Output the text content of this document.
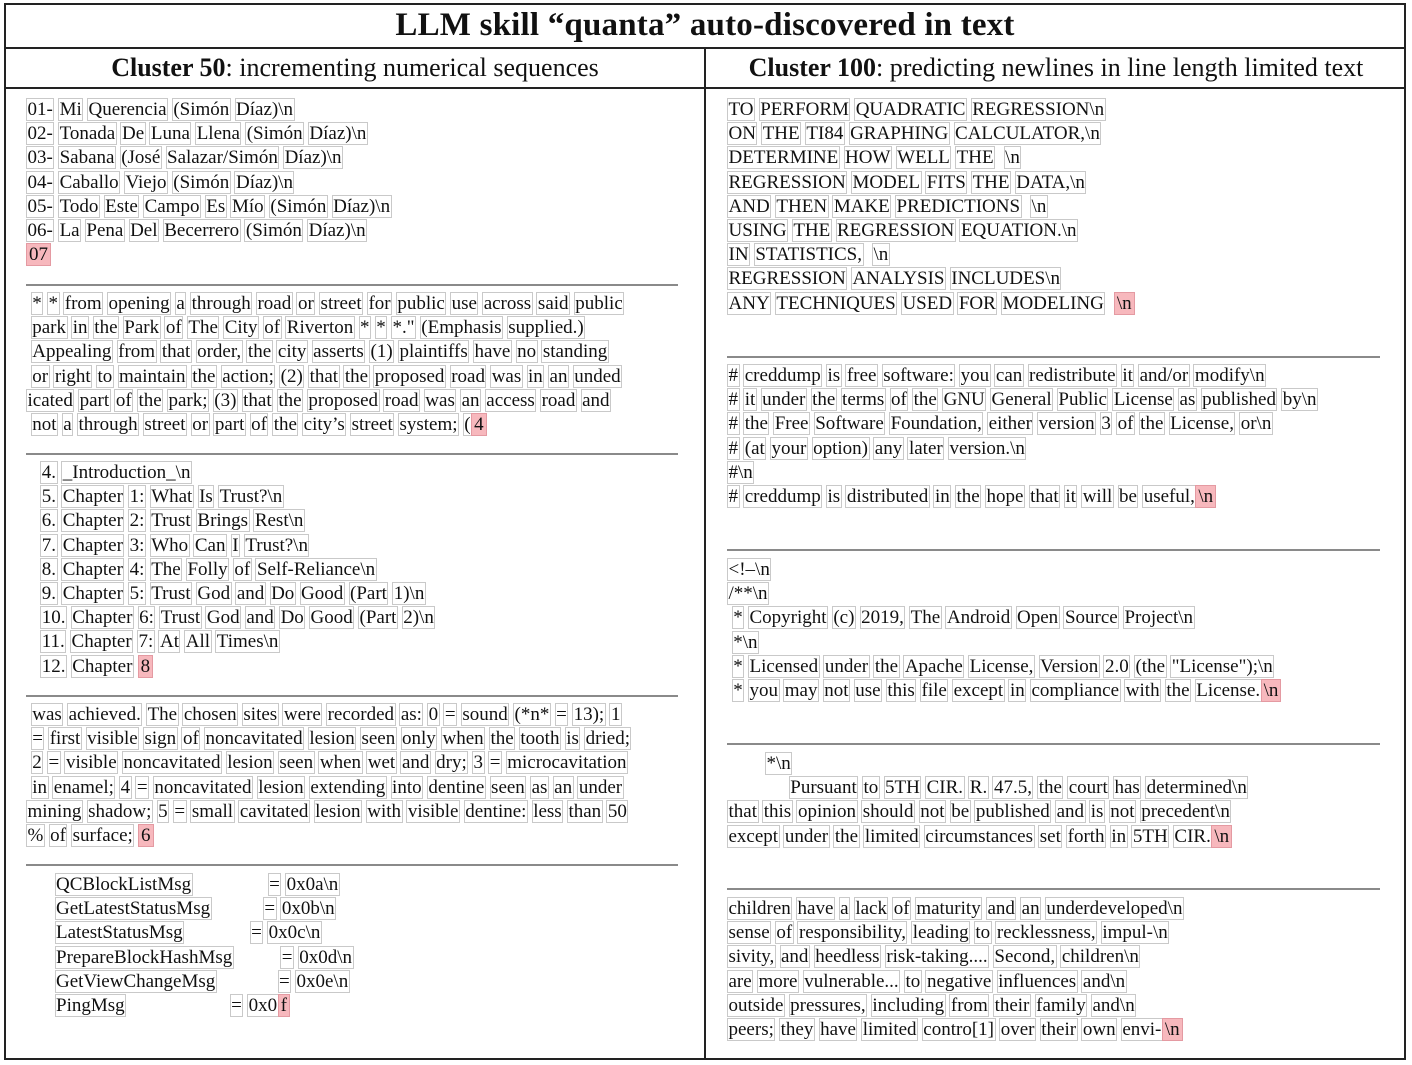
LLM skill “quanta” auto-discovered in text
Cluster 50 : incrementing numerical sequences	Cluster 100 : predicting newlines in line length limited text
01- Mi Querencia (Simón Díaz)\n
02- Tonada De Luna Llena (Simón Díaz)\n
03- Sabana (José Salazar/Simón Díaz)\n
04- Caballo Viejo (Simón Díaz)\n
05- Todo Este Campo Es Mío (Simón Díaz)\n
06- La Pena Del Becerrero (Simón Díaz)\n
07
* * from opening a through road or street for public use across said public
park in the Park of The City of Riverton * * *." (Emphasis supplied.)
Appealing from that order, the city asserts (1) plaintiffs have no standing
or right to maintain the action; (2) that the proposed road was in an unded
icated part of the park; (3) that the proposed road was an access road and
not a through street or part of the city’s street system; ( 4
4. _Introduction_\n
5. Chapter 1: What Is Trust?\n
6. Chapter 2: Trust Brings Rest\n
7. Chapter 3: Who Can I Trust?\n
8. Chapter 4: The Folly of Self-Reliance\n
9. Chapter 5: Trust God and Do Good (Part 1)\n
10. Chapter 6: Trust God and Do Good (Part 2)\n
11. Chapter 7: At All Times\n
12. Chapter 8
was achieved. The chosen sites were recorded as: 0 = sound (*n* = 13); 1
= first visible sign of noncavitated lesion seen only when the tooth is dried;
2 = visible noncavitated lesion seen when wet and dry; 3 = microcavitation
in enamel; 4 = noncavitated lesion extending into dentine seen as an under
mining shadow; 5 = small cavitated lesion with visible dentine: less than 50
% of surface; 6
QCBlockListMsg	= 0x0a\n
GetLatestStatusMsg	= 0x0b\n
LatestStatusMsg	= 0x0c\n
PrepareBlockHashMsg	= 0x0d\n
GetViewChangeMsg	= 0x0e\n
PingMsg	= 0x0 f
TO PERFORM QUADRATIC REGRESSION\n
ON THE TI84 GRAPHING CALCULATOR,\n
DETERMINE HOW WELL THE \n
REGRESSION MODEL FITS THE DATA,\n
AND THEN MAKE PREDICTIONS \n
USING THE REGRESSION EQUATION.\n
IN STATISTICS, \n
REGRESSION ANALYSIS INCLUDES\n
ANY TECHNIQUES USED FOR MODELING \n
# creddump is free software: you can redistribute it and/or modify\n
# it under the terms of the GNU General Public License as published by\n
# the Free Software Foundation, either version 3 of the License, or\n
# (at your option) any later version.\n
#\n
# creddump is distributed in the hope that it will be useful, \n
<!–\n
/**\n
* Copyright (c) 2019, The Android Open Source Project\n
*\n
* Licensed under the Apache License, Version 2.0 (the "License");\n
* you may not use this file except in compliance with the License. \n
*\n
Pursuant to 5TH CIR. R. 47.5, the court has determined\n
that this opinion should not be published and is not precedent\n
except under the limited circumstances set forth in 5TH CIR. \n
children have a lack of maturity and an underdeveloped\n
sense of responsibility, leading to recklessness, impul-\n
sivity, and heedless risk-taking.... Second, children\n
are more vulnerable... to negative influences and\n
outside pressures, including from their family and\n
peers; they have limited contro[1] over their own envi- \n
